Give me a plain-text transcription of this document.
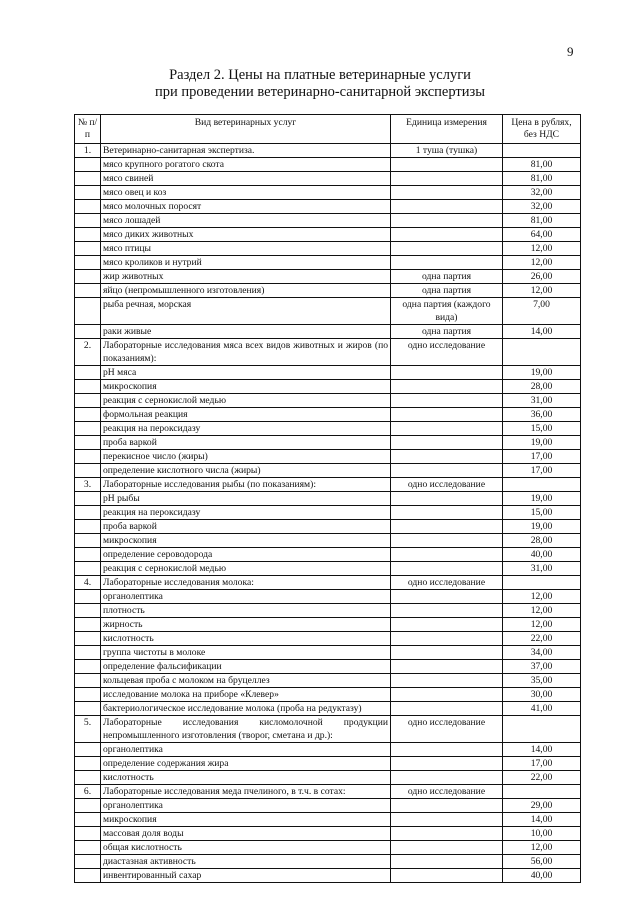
9
Раздел 2. Цены на платные ветеринарные услуги
при проведении ветеринарно-санитарной экспертизы
№ п/п	Вид ветеринарных услуг	Единица измерения	Цена в рублях, без НДС
1.	Ветеринарно-санитарная экспертиза.	1 туша (тушка)	
	мясо крупного рогатого скота		81,00
	мясо свиней		81,00
	мясо овец и коз		32,00
	мясо молочных поросят		32,00
	мясо лошадей		81,00
	мясо диких животных		64,00
	мясо птицы		12,00
	мясо кроликов и нутрий		12,00
	жир животных	одна партия	26,00
	яйцо (непромышленного изготовления)	одна партия	12,00
	рыба речная, морская	одна партия (каждого вида)	7,00
	раки живые	одна партия	14,00
2.	Лабораторные исследования мяса всех видов животных и жиров (по показаниям):	одно исследование	
	рН мяса		19,00
	микроскопия		28,00
	реакция с сернокислой медью		31,00
	формольная реакция		36,00
	реакция на пероксидазу		15,00
	проба варкой		19,00
	перекисное число (жиры)		17,00
	определение кислотного числа (жиры)		17,00
3.	Лабораторные исследования рыбы (по показаниям):	одно исследование	
	рН рыбы		19,00
	реакция на пероксидазу		15,00
	проба варкой		19,00
	микроскопия		28,00
	определение сероводорода		40,00
	реакция с сернокислой медью		31,00
4.	Лабораторные исследования молока:	одно исследование	
	органолептика		12,00
	плотность		12,00
	жирность		12,00
	кислотность		22,00
	группа чистоты в молоке		34,00
	определение фальсификации		37,00
	кольцевая проба с молоком на бруцеллез		35,00
	исследование молока на приборе «Клевер»		30,00
	бактериологическое исследование молока (проба на редуктазу)		41,00
5.	Лабораторные исследования кисломолочной продукции непромышленного изготовления (творог, сметана и др.):	одно исследование	
	органолептика		14,00
	определение содержания жира		17,00
	кислотность		22,00
6.	Лабораторные исследования меда пчелиного, в т.ч. в сотах:	одно исследование	
	органолептика		29,00
	микроскопия		14,00
	массовая доля воды		10,00
	общая кислотность		12,00
	диастазная активность		56,00
	инвентированный сахар		40,00
